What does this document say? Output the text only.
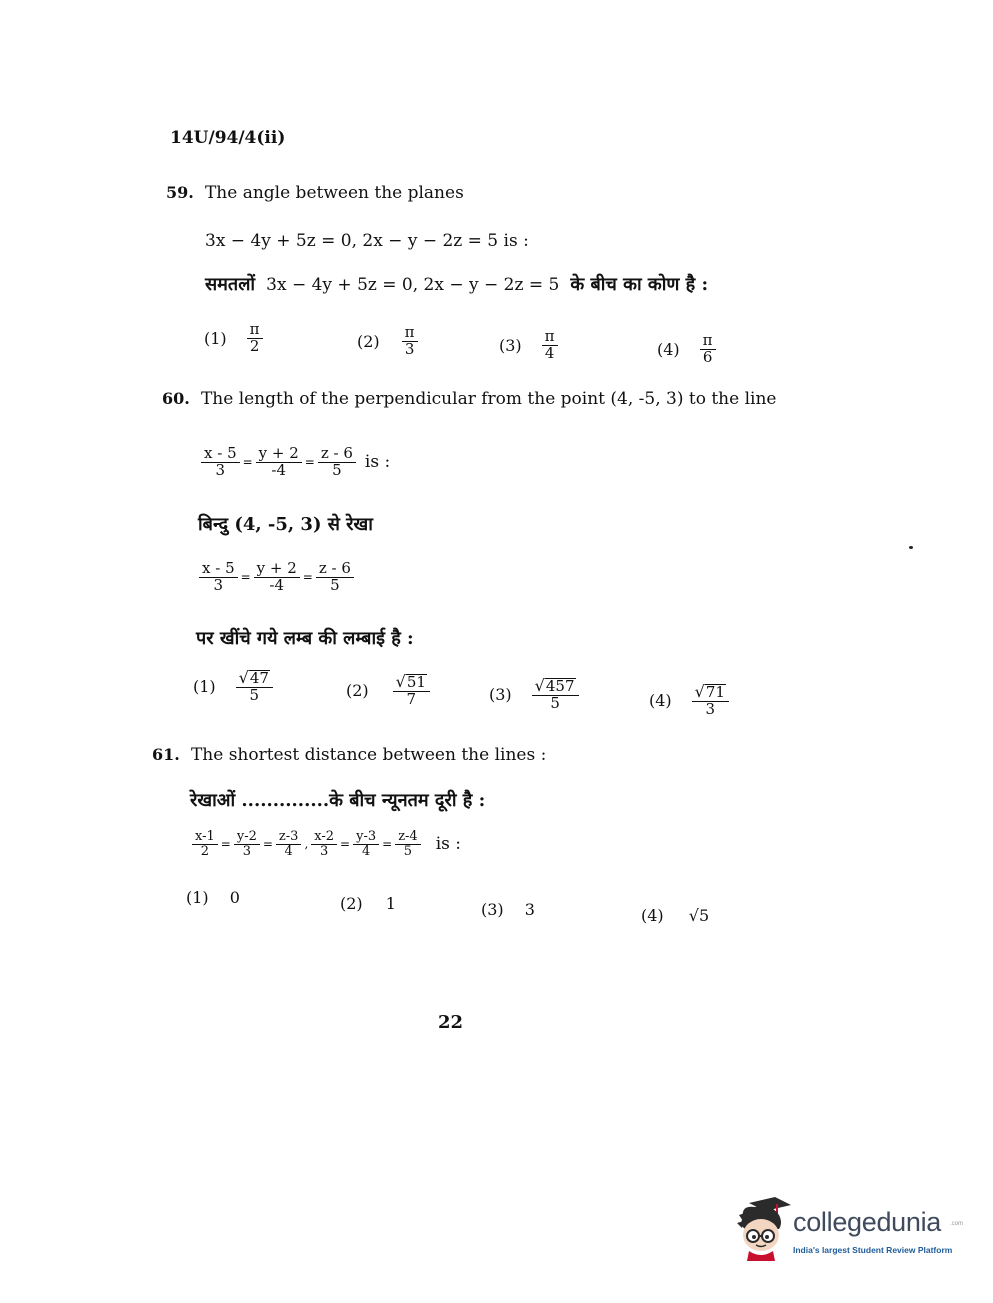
14U/94/4(ii)
59. The angle between the planes
3x − 4y + 5z = 0, 2x − y − 2z = 5 is :
समतलों 3x − 4y + 5z = 0, 2x − y − 2z = 5 के बीच का कोण है :
$(1) \frac{\pi}{2}$	$(2) \frac{\pi}{3}$	$(3) \frac{\pi}{4}$	$(4) \frac{\pi}{6}$
60. The length of the perpendicular from the point (4, -5, 3) to the line
$\frac{x - 5}{3} = \frac{y + 2}{-4} = \frac{z - 6}{5}$ is :
बिन्दु (4, -5, 3) से रेखा
$\frac{x - 5}{3} = \frac{y + 2}{-4} = \frac{z - 6}{5}$
पर खींचे गये लम्ब की लम्बाई है :
$(1) \frac{√ 47}{5}$	$(2) \frac{√ 51}{7}$	$(3) \frac{√ 457}{5}$	$(4) \frac{√ 71}{3}$
61. The shortest distance between the lines :
रेखाओं ..............के बीच न्यूनतम दूरी है :
$\frac{x-1}{2} = \frac{y-2}{3} = \frac{z-3}{4}$ , $\frac{x-2}{3} = \frac{y-3}{4} = \frac{z-4}{5}$ is :
(1) 0	(2) 1	(3) 3	(4) √5
22
collegedunia .com
India's largest Student Review Platform
